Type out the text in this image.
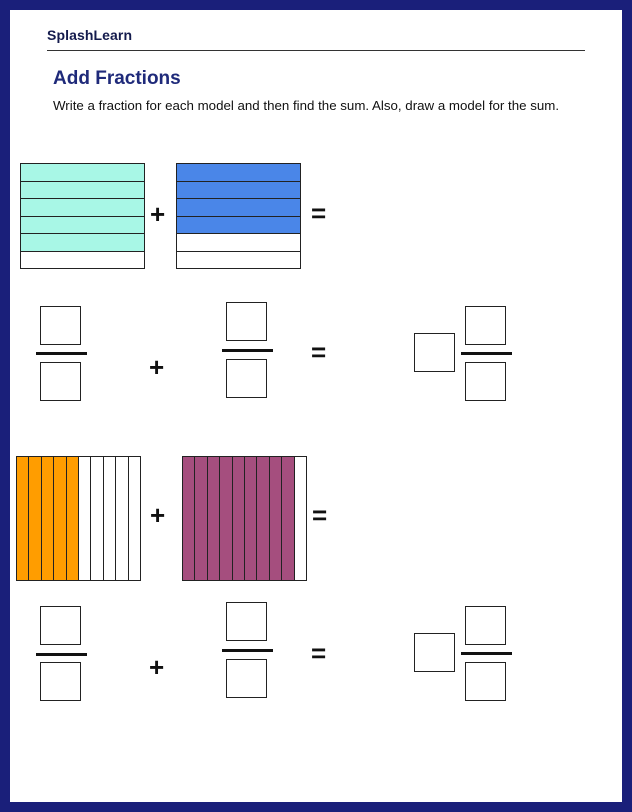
SplashLearn
Add Fractions
Write a fraction for each model and then find the sum. Also, draw a model for the sum.
+	=
+	=
+	=
+	=
